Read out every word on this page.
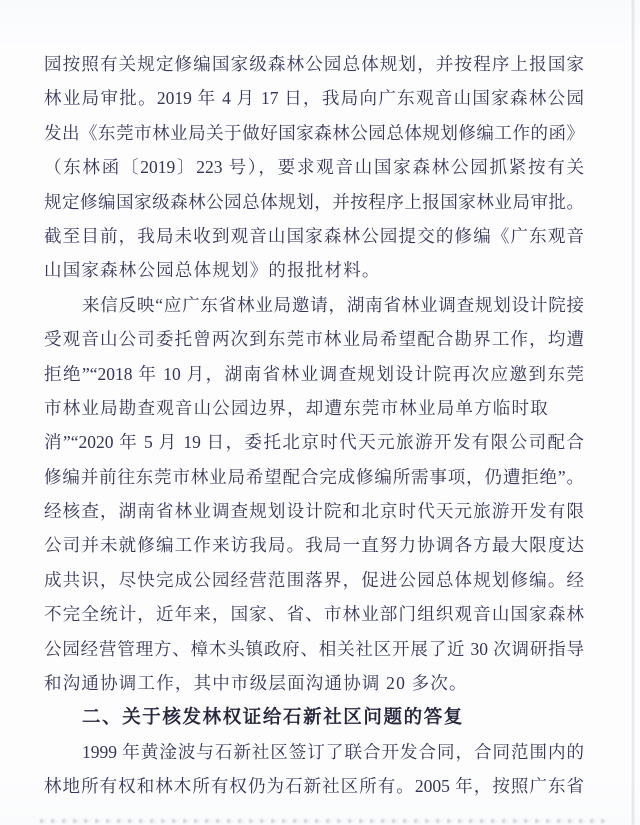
园按照有关规定修编国家级森林公园总体规划，并按程序上报国家
林业局审批。2019 年 4 月 17 日，我局向广东观音山国家森林公园
发出《东莞市林业局关于做好国家森林公园总体规划修编工作的函》
（东林函〔2019〕223 号），要求观音山国家森林公园抓紧按有关
规定修编国家级森林公园总体规划，并按程序上报国家林业局审批。
截至目前，我局未收到观音山国家森林公园提交的修编《广东观音
山国家森林公园总体规划》的报批材料。
来信反映“应广东省林业局邀请，湖南省林业调查规划设计院接
受观音山公司委托曾两次到东莞市林业局希望配合勘界工作，均遭
拒绝”“2018 年 10 月，湖南省林业调查规划设计院再次应邀到东莞
市林业局勘查观音山公园边界，却遭东莞市林业局单方临时取
消”“2020 年 5 月 19 日，委托北京时代天元旅游开发有限公司配合
修编并前往东莞市林业局希望配合完成修编所需事项，仍遭拒绝”。
经核查，湖南省林业调查规划设计院和北京时代天元旅游开发有限
公司并未就修编工作来访我局。我局一直努力协调各方最大限度达
成共识，尽快完成公园经营范围落界，促进公园总体规划修编。经
不完全统计，近年来，国家、省、市林业部门组织观音山国家森林
公园经营管理方、樟木头镇政府、相关社区开展了近 30 次调研指导
和沟通协调工作，其中市级层面沟通协调 20 多次。
二、关于核发林权证给石新社区问题的答复
1999 年黄淦波与石新社区签订了联合开发合同，合同范围内的
林地所有权和林木所有权仍为石新社区所有。2005 年，按照广东省
